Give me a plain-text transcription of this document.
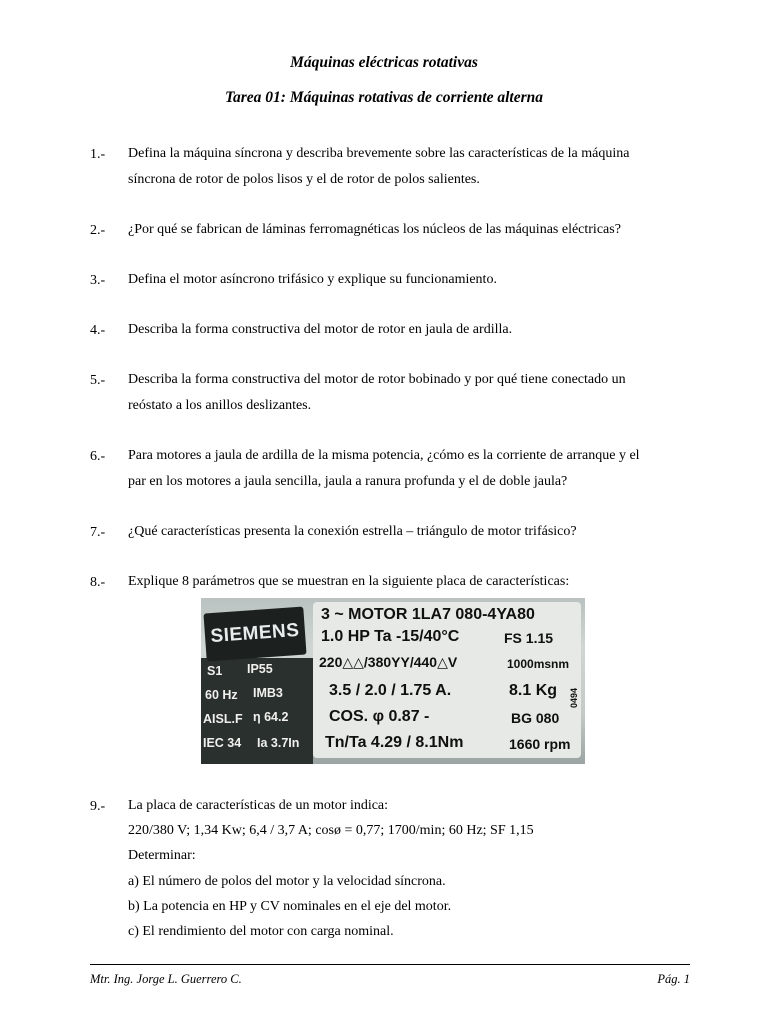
Máquinas eléctricas rotativas
Tarea 01: Máquinas rotativas de corriente alterna
1.- Defina la máquina síncrona y describa brevemente sobre las características de la máquina
síncrona de rotor de polos lisos y el de rotor de polos salientes.
2.- ¿Por qué se fabrican de láminas ferromagnéticas los núcleos de las máquinas eléctricas?
3.- Defina el motor asíncrono trifásico y explique su funcionamiento.
4.- Describa la forma constructiva del motor de rotor en jaula de ardilla.
5.- Describa la forma constructiva del motor de rotor bobinado y por qué tiene conectado un
reóstato a los anillos deslizantes.
6.- Para motores a jaula de ardilla de la misma potencia, ¿cómo es la corriente de arranque y el
par en los motores a jaula sencilla, jaula a ranura profunda y el de doble jaula?
7.- ¿Qué características presenta la conexión estrella – triángulo de motor trifásico?
8.- Explique 8 parámetros que se muestran en la siguiente placa de características:
SIEMENS
3 ~ MOTOR 1LA7 080-4YA80
1.0 HP Ta -15/40°C	FS 1.15
S1 IP55	220△△/380YY/440△V	1000msnm
60 Hz IMB3	3.5 / 2.0 / 1.75 A.	8.1 Kg
AISL.F η 64.2	COS. φ 0.87 -	BG 080
IEC 34 Ia 3.7In Tn/Ta 4.29 / 8.1Nm	1660 rpm
0494
9.- La placa de características de un motor indica:
220/380 V; 1,34 Kw; 6,4 / 3,7 A; cosø = 0,77; 1700/min; 60 Hz; SF 1,15
Determinar:
a) El número de polos del motor y la velocidad síncrona.
b) La potencia en HP y CV nominales en el eje del motor.
c) El rendimiento del motor con carga nominal.
Mtr. Ing. Jorge L. Guerrero C.	Pág. 1
